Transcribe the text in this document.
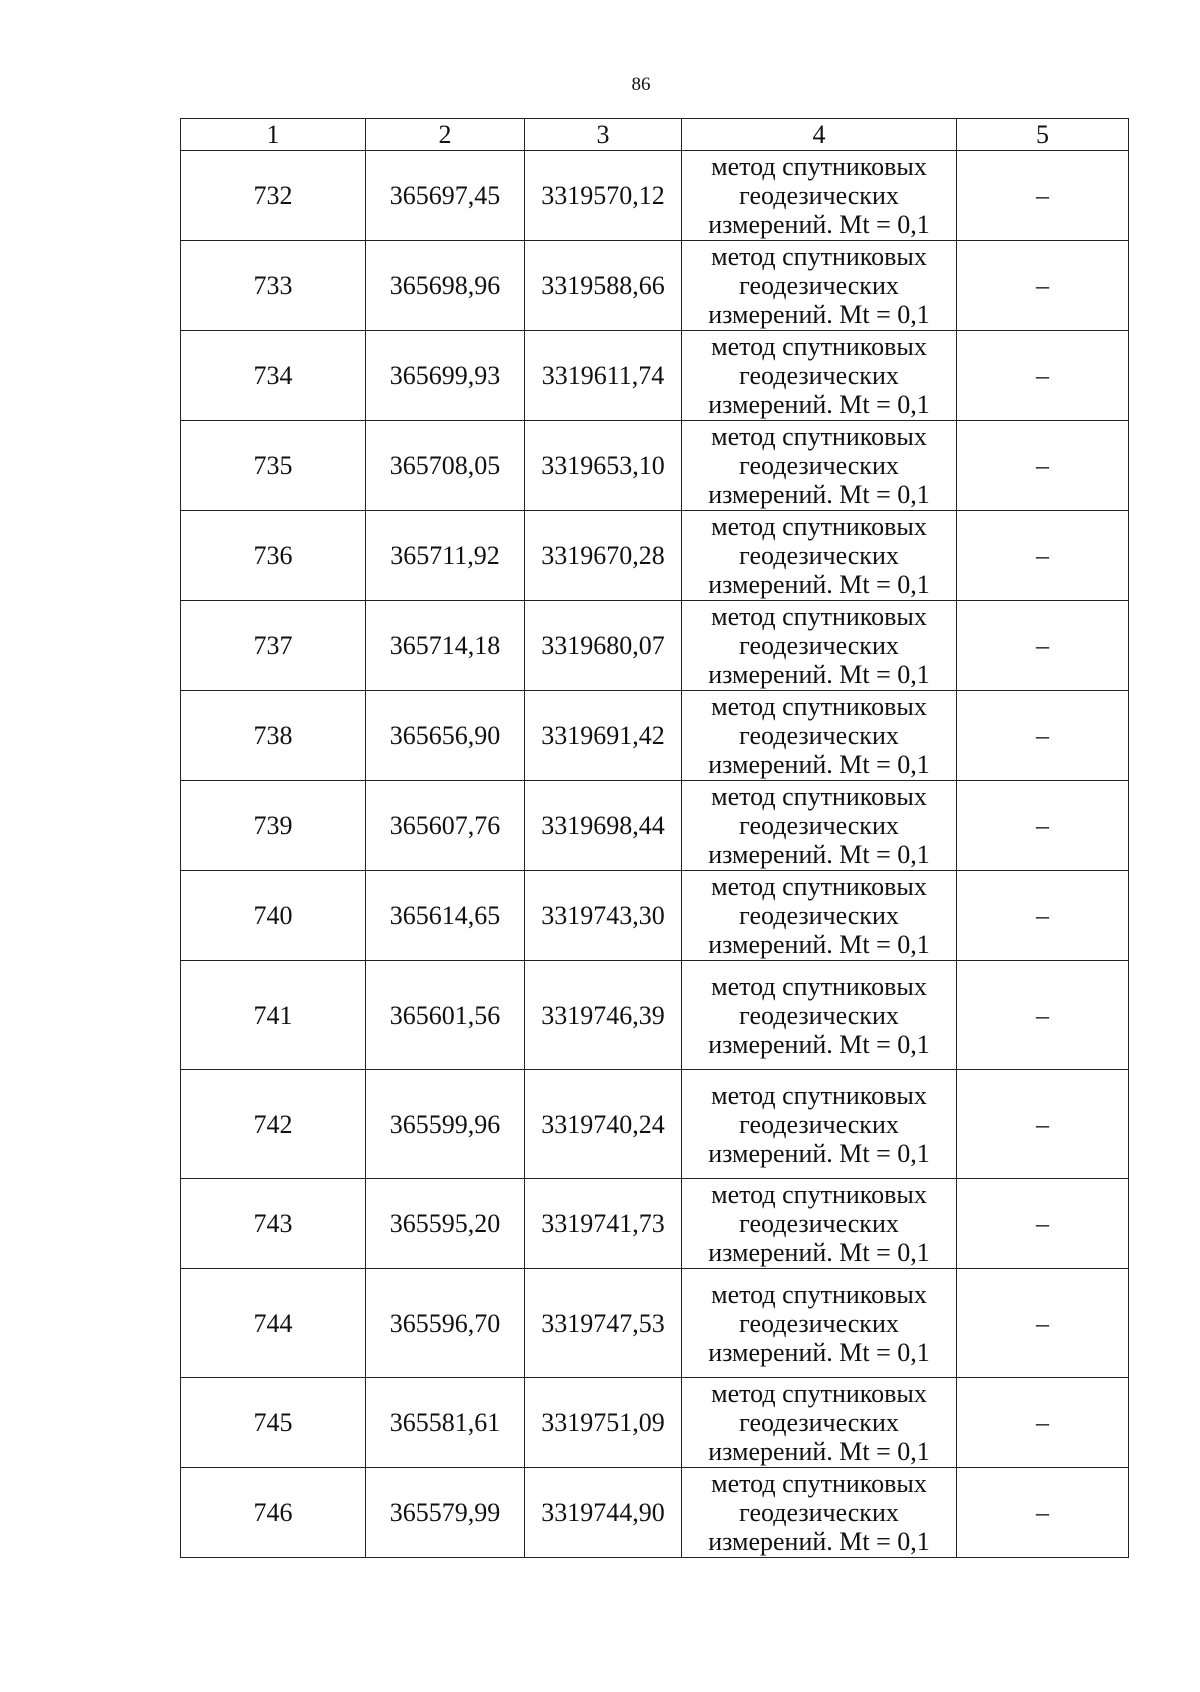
86
1	2	3	4	5
732	365697,45	3319570,12	метод спутниковых
геодезических
измерений. Mt = 0,1	–
733	365698,96	3319588,66	метод спутниковых
геодезических
измерений. Mt = 0,1	–
734	365699,93	3319611,74	метод спутниковых
геодезических
измерений. Mt = 0,1	–
735	365708,05	3319653,10	метод спутниковых
геодезических
измерений. Mt = 0,1	–
736	365711,92	3319670,28	метод спутниковых
геодезических
измерений. Mt = 0,1	–
737	365714,18	3319680,07	метод спутниковых
геодезических
измерений. Mt = 0,1	–
738	365656,90	3319691,42	метод спутниковых
геодезических
измерений. Mt = 0,1	–
739	365607,76	3319698,44	метод спутниковых
геодезических
измерений. Mt = 0,1	–
740	365614,65	3319743,30	метод спутниковых
геодезических
измерений. Mt = 0,1	–
741	365601,56	3319746,39	метод спутниковых
геодезических
измерений. Mt = 0,1	–
742	365599,96	3319740,24	метод спутниковых
геодезических
измерений. Mt = 0,1	–
743	365595,20	3319741,73	метод спутниковых
геодезических
измерений. Mt = 0,1	–
744	365596,70	3319747,53	метод спутниковых
геодезических
измерений. Mt = 0,1	–
745	365581,61	3319751,09	метод спутниковых
геодезических
измерений. Mt = 0,1	–
746	365579,99	3319744,90	метод спутниковых
геодезических
измерений. Mt = 0,1	–
